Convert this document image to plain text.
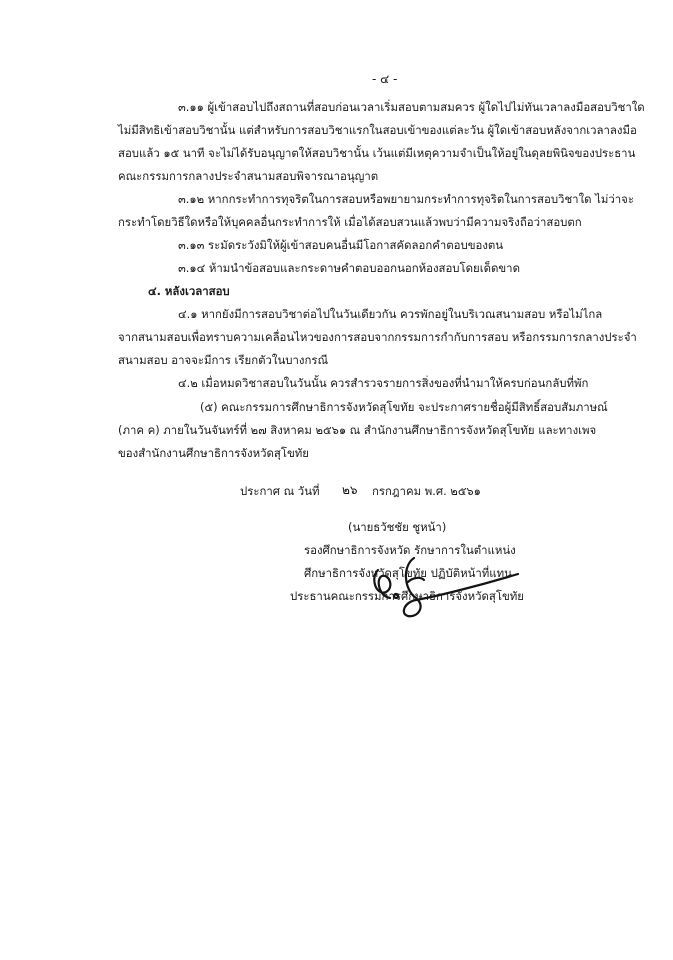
- ๔ -
๓.๑๑ ผู้เข้าสอบไปถึงสถานที่สอบก่อนเวลาเริ่มสอบตามสมควร ผู้ใดไปไม่ทันเวลาลงมือสอบวิชาใด
ไม่มีสิทธิเข้าสอบวิชานั้น แต่สำหรับการสอบวิชาแรกในสอบเข้าของแต่ละวัน ผู้ใดเข้าสอบหลังจากเวลาลงมือ
สอบแล้ว ๑๕ นาที จะไม่ได้รับอนุญาตให้สอบวิชานั้น เว้นแต่มีเหตุความจำเป็นให้อยู่ในดุลยพินิจของประธาน
คณะกรรมการกลางประจำสนามสอบพิจารณาอนุญาต
๓.๑๒ หากกระทำการทุจริตในการสอบหรือพยายามกระทำการทุจริตในการสอบวิชาใด ไม่ว่าจะ
กระทำโดยวิธีใดหรือให้บุคคลอื่นกระทำการให้ เมื่อได้สอบสวนแล้วพบว่ามีความจริงถือว่าสอบตก
๓.๑๓ ระมัดระวังมิให้ผู้เข้าสอบคนอื่นมีโอกาสคัดลอกคำตอบของตน
๓.๑๔ ห้ามนำข้อสอบและกระดาษคำตอบออกนอกห้องสอบโดยเด็ดขาด
๔. หลังเวลาสอบ
๔.๑ หากยังมีการสอบวิชาต่อไปในวันเดียวกัน ควรพักอยู่ในบริเวณสนามสอบ หรือไม่ไกล
จากสนามสอบเพื่อทราบความเคลื่อนไหวของการสอบจากกรรมการกำกับการสอบ หรือกรรมการกลางประจำ
สนามสอบ อาจจะมีการ เรียกตัวในบางกรณี
๔.๒ เมื่อหมดวิชาสอบในวันนั้น ควรสำรวจรายการสิ่งของที่นำมาให้ครบก่อนกลับที่พัก
(๕) คณะกรรมการศึกษาธิการจังหวัดสุโขทัย จะประกาศรายชื่อผู้มีสิทธิ์สอบสัมภาษณ์
(ภาค ค) ภายในวันจันทร์ที่ ๒๗ สิงหาคม ๒๕๖๑ ณ สำนักงานศึกษาธิการจังหวัดสุโขทัย และทางเพจ
ของสำนักงานศึกษาธิการจังหวัดสุโขทัย
ประกาศ ณ วันที่ ๒๖ กรกฎาคม พ.ศ. ๒๕๖๑
(นายธวัชชัย ชูหน้า)
รองศึกษาธิการจังหวัด รักษาการในตำแหน่ง
ศึกษาธิการจังหวัดสุโขทัย ปฏิบัติหน้าที่แทน
ประธานคณะกรรมการศึกษาธิการจังหวัดสุโขทัย
